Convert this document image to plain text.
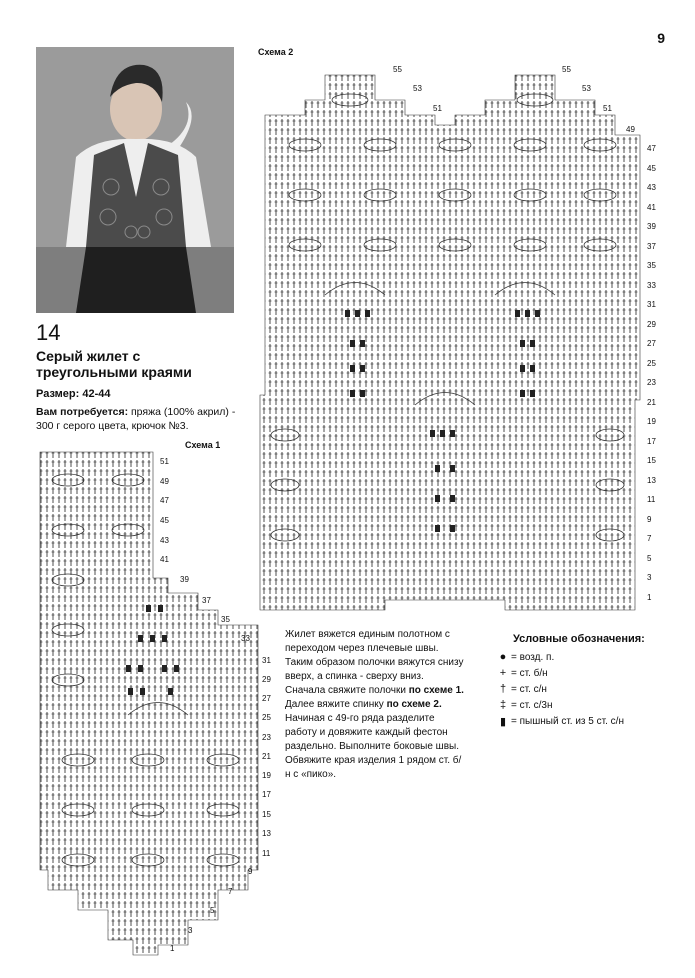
9
14
Серый жилет с треугольными краями
Размер: 42-44
Вам потребуется: пряжа (100% акрил) - 300 г серого цвета, крючок №3.
Схема 2
55
53
51
55
53
51
49
47
45
43
41
39
37
35
33
31
29
27
25
23
21
19
17
15
13
11
9
7
5
3
1
Схема 1
51
49
47
45
43
41
39
37
35
33
31
29
27
25
23
21
19
17
15
13
11
9
7
5
3
1
Жилет вяжется единым полотном с переходом через плечевые швы. Таким образом полочки вяжутся снизу вверх, а спинка - сверху вниз. Сначала свяжите полочки по схеме 1. Далее вяжите спинку по схеме 2. Начиная с 49-го ряда разделите работу и довяжите каждый фестон раздельно. Выполните боковые швы. Обвяжите края изделия 1 рядом ст. б/н с «пико».
Условные обозначения:
● = возд. п.
+ = ст. б/н
† = ст. с/н
‡ = ст. с/3н
▮ = пышный ст. из 5 ст. с/н
